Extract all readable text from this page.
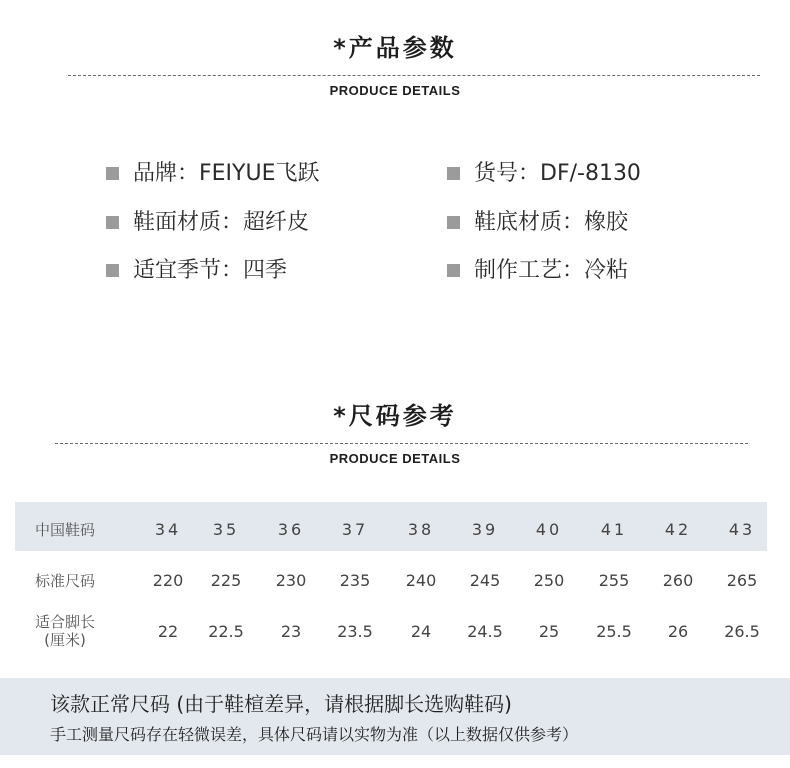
*产品参数
PRODUCE DETAILS
品牌：FEIYUE飞跃	货号：DF/-8130
鞋面材质：超纤皮	鞋底材质：橡胶
适宜季节：四季	制作工艺：冷粘
*尺码参考
PRODUCE DETAILS
中国鞋码	34	35	36	37	38	39	40	41	42	43
标准尺码	220	225	230	235	240	245	250	255	260	265
适合脚长
(厘米)	22	22.5	23	23.5	24	24.5	25	25.5	26	26.5
该款正常尺码 (由于鞋楦差异，请根据脚长选购鞋码)
手工测量尺码存在轻微误差，具体尺码请以实物为准（以上数据仅供参考）
